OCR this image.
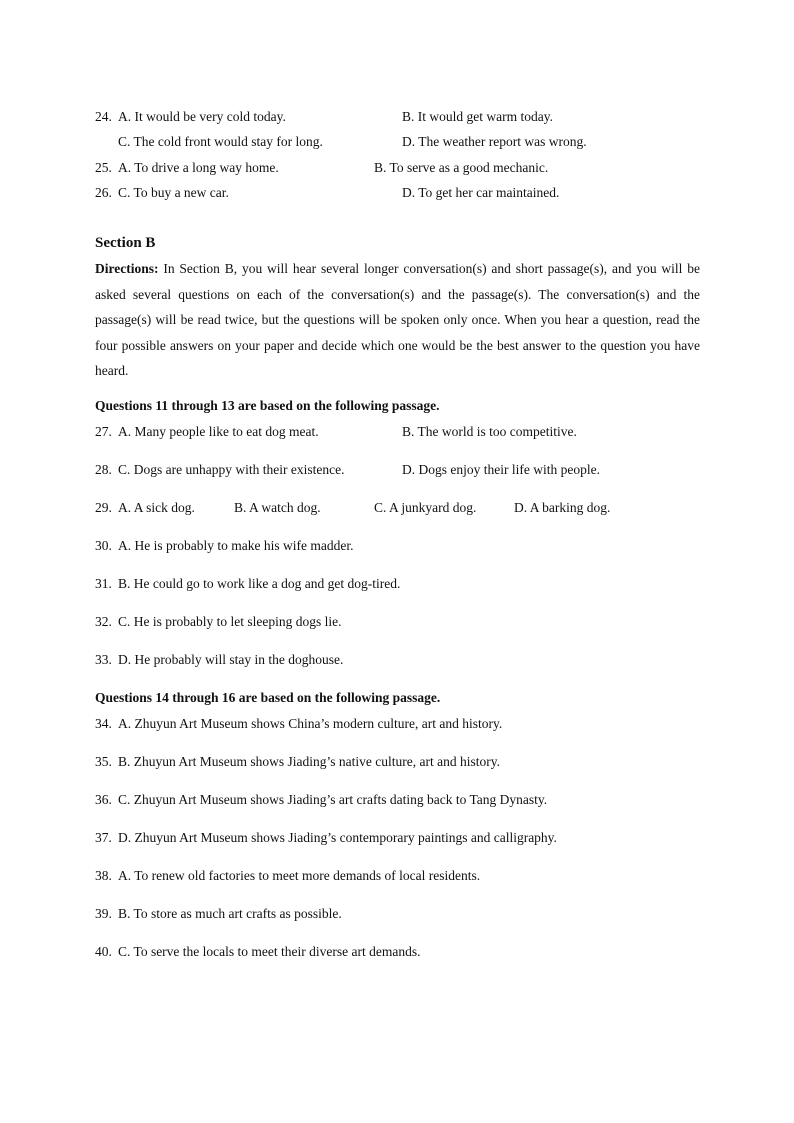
24. A. It would be very cold today.	B. It would get warm today.
C. The cold front would stay for long.	D. The weather report was wrong.
25. A. To drive a long way home.	B. To serve as a good mechanic.
26. C. To buy a new car.	D. To get her car maintained.
Section B
Directions: In Section B, you will hear several longer conversation(s) and short passage(s), and you will be asked several questions on each of the conversation(s) and the passage(s). The conversation(s) and the passage(s) will be read twice, but the questions will be spoken only once. When you hear a question, read the four possible answers on your paper and decide which one would be the best answer to the question you have heard.
Questions 11 through 13 are based on the following passage.
27. A. Many people like to eat dog meat.	B. The world is too competitive.
28. C. Dogs are unhappy with their existence.	D. Dogs enjoy their life with people.
29. A. A sick dog.	B. A watch dog.	C. A junkyard dog.	D. A barking dog.
30. A. He is probably to make his wife madder.
31. B. He could go to work like a dog and get dog-tired.
32. C. He is probably to let sleeping dogs lie.
33. D. He probably will stay in the doghouse.
Questions 14 through 16 are based on the following passage.
34. A. Zhuyun Art Museum shows China’s modern culture, art and history.
35. B. Zhuyun Art Museum shows Jiading’s native culture, art and history.
36. C. Zhuyun Art Museum shows Jiading’s art crafts dating back to Tang Dynasty.
37. D. Zhuyun Art Museum shows Jiading’s contemporary paintings and calligraphy.
38. A. To renew old factories to meet more demands of local residents.
39. B. To store as much art crafts as possible.
40. C. To serve the locals to meet their diverse art demands.
